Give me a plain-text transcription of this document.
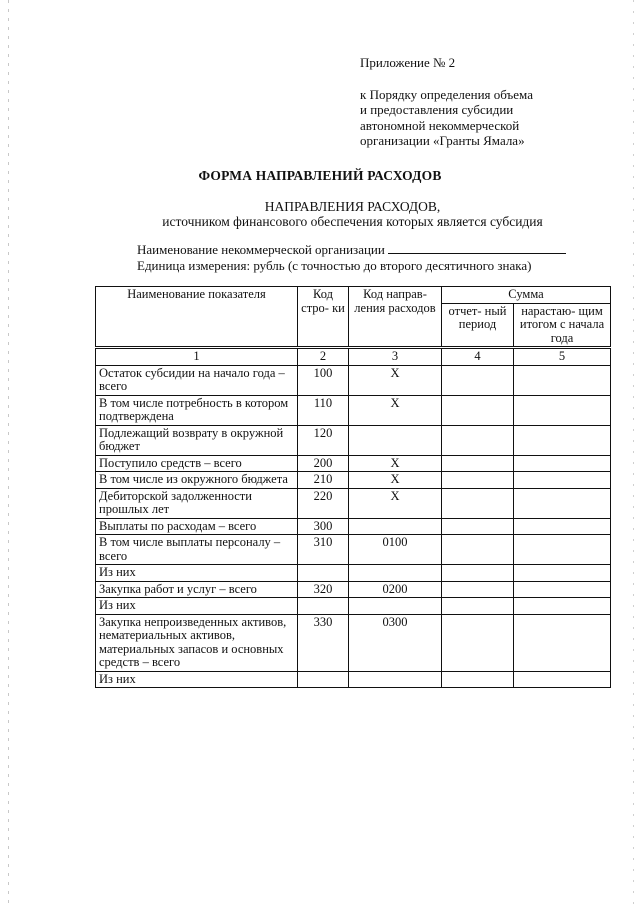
Приложение № 2
к Порядку определения объема
и предоставления субсидии
автономной некоммерческой
организации «Гранты Ямала»
ФОРМА НАПРАВЛЕНИЙ РАСХОДОВ
НАПРАВЛЕНИЯ РАСХОДОВ,
источником финансового обеспечения которых является субсидия
Наименование некоммерческой организации
Единица измерения: рубль (с точностью до второго десятичного знака)
Наименование показателя	Код стро- ки	Код направ- ления расходов	Сумма	
			отчет- ный период	нарастаю- щим итогом с начала года
1	2	3	4	5
Остаток субсидии на начало года – всего	100	Х		
В том числе потребность в котором подтверждена	110	Х		
Подлежащий возврату в окружной бюджет	120			
Поступило средств – всего	200	Х		
В том числе из окружного бюджета	210	Х		
Дебиторской задолженности прошлых лет	220	Х		
Выплаты по расходам – всего	300			
В том числе выплаты персоналу – всего	310	0100		
Из них				
Закупка работ и услуг – всего	320	0200		
Из них				
Закупка непроизведенных активов, нематериальных активов, материальных запасов и основных средств – всего	330	0300		
Из них				
